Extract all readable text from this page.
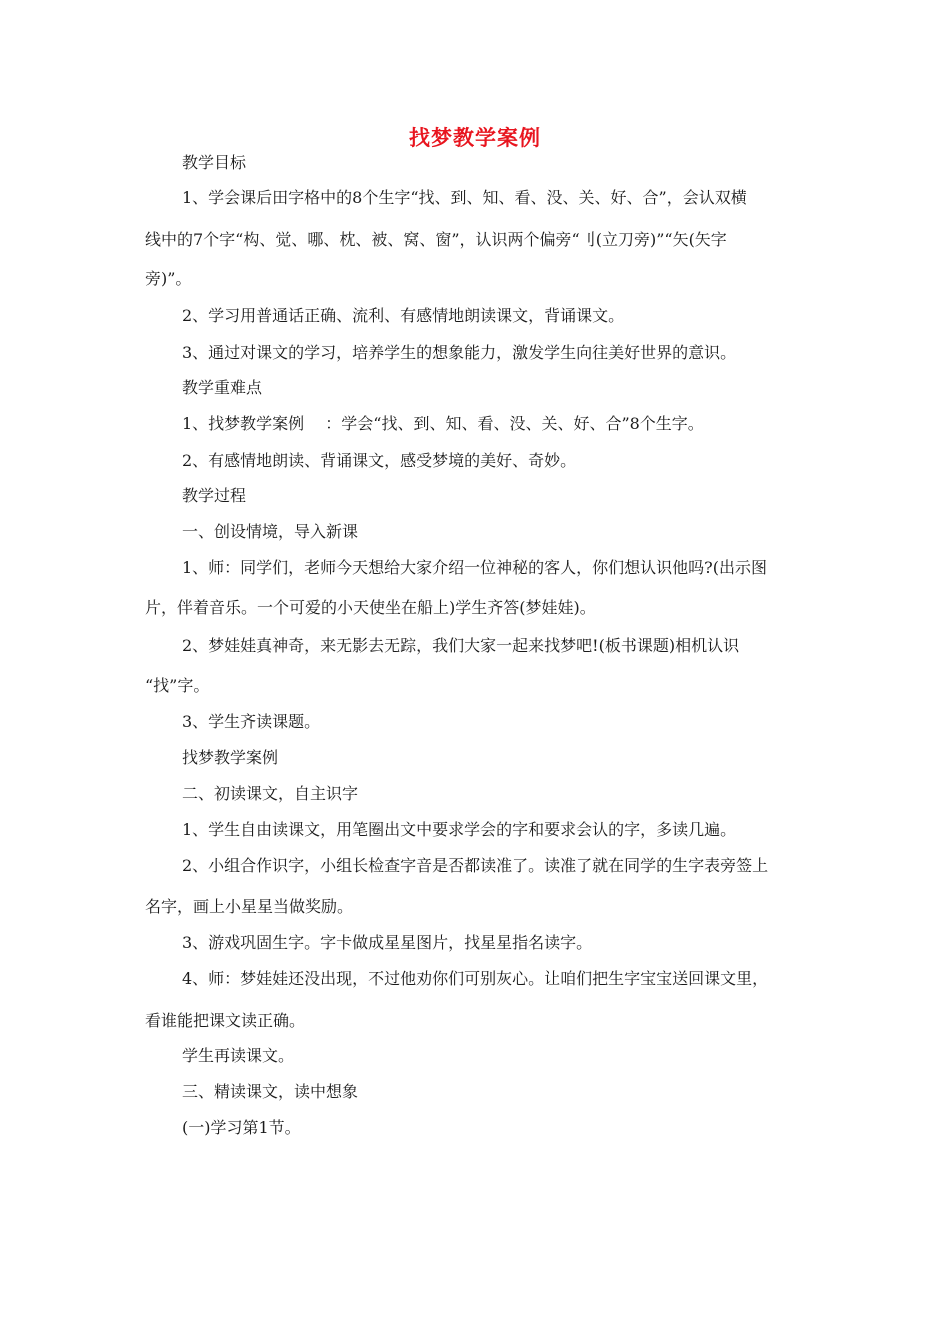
找梦教学案例
教学目标
1、学会课后田字格中的8个生字“找、到、知、看、没、关、好、合”，会认双横
线中的7个字“构、觉、哪、枕、被、窝、窗”，认识两个偏旁“刂(立刀旁)”“矢(矢字
旁)”。
2、学习用普通话正确、流利、有感情地朗读课文，背诵课文。
3、通过对课文的学习，培养学生的想象能力，激发学生向往美好世界的意识。
教学重难点
1、找梦教学案例　 ：学会“找、到、知、看、没、关、好、合”8个生字。
2、有感情地朗读、背诵课文，感受梦境的美好、奇妙。
教学过程
一、创设情境，导入新课
1、师：同学们，老师今天想给大家介绍一位神秘的客人，你们想认识他吗?(出示图
片，伴着音乐。一个可爱的小天使坐在船上)学生齐答(梦娃娃)。
2、梦娃娃真神奇，来无影去无踪，我们大家一起来找梦吧!(板书课题)相机认识
“找”字。
3、学生齐读课题。
找梦教学案例
二、初读课文，自主识字
1、学生自由读课文，用笔圈出文中要求学会的字和要求会认的字，多读几遍。
2、小组合作识字，小组长检查字音是否都读准了。读准了就在同学的生字表旁签上
名字，画上小星星当做奖励。
3、游戏巩固生字。字卡做成星星图片，找星星指名读字。
4、师：梦娃娃还没出现，不过他劝你们可别灰心。让咱们把生字宝宝送回课文里，
看谁能把课文读正确。
学生再读课文。
三、精读课文，读中想象
(一)学习第1节。
